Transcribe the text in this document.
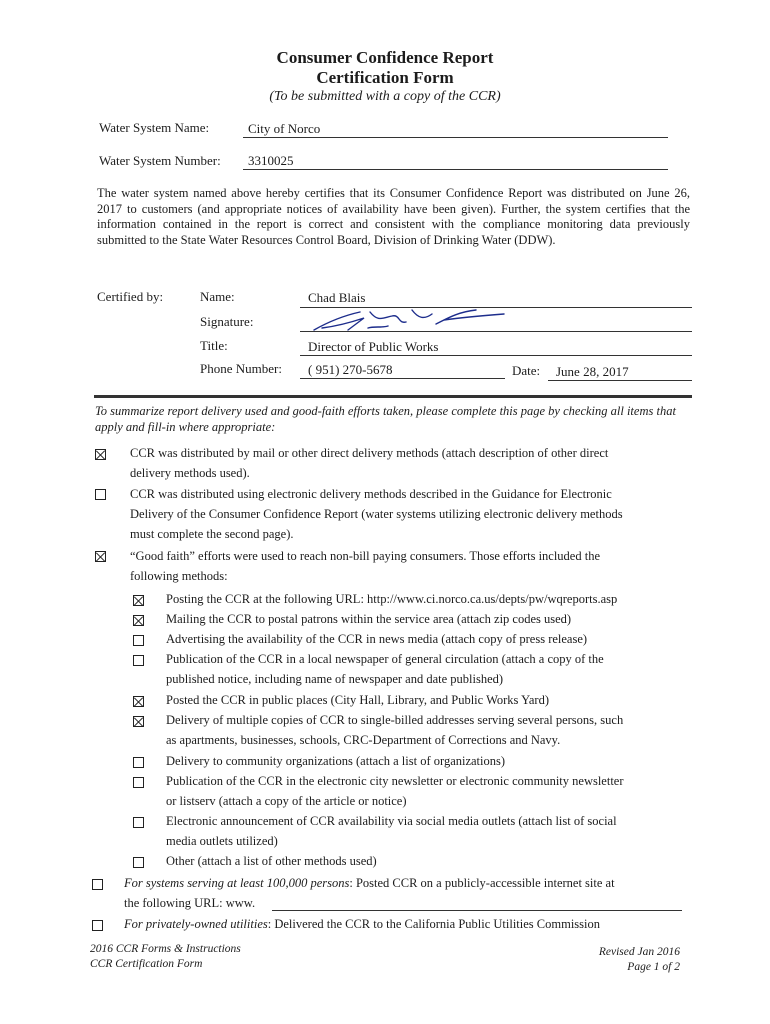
Consumer Confidence Report
Certification Form
(To be submitted with a copy of the CCR)
Water System Name:	City of Norco
Water System Number: 3310025
The water system named above hereby certifies that its Consumer Confidence Report was distributed on June 26, 2017 to customers (and appropriate notices of availability have been given). Further, the system certifies that the information contained in the report is correct and consistent with the compliance monitoring data previously submitted to the State Water Resources Control Board, Division of Drinking Water (DDW).
Certified by:	Name:	Chad Blais
Signature:
Title:	Director of Public Works
Phone Number: ( 951) 270-5678	Date: June 28, 2017
To summarize report delivery used and good-faith efforts taken, please complete this page by checking all items that apply and fill-in where appropriate:
CCR was distributed by mail or other direct delivery methods (attach description of other direct
delivery methods used).
CCR was distributed using electronic delivery methods described in the Guidance for Electronic
Delivery of the Consumer Confidence Report (water systems utilizing electronic delivery methods
must complete the second page).
“Good faith” efforts were used to reach non-bill paying consumers. Those efforts included the
following methods:
Posting the CCR at the following URL: http://www.ci.norco.ca.us/depts/pw/wqreports.asp
Mailing the CCR to postal patrons within the service area (attach zip codes used)
Advertising the availability of the CCR in news media (attach copy of press release)
Publication of the CCR in a local newspaper of general circulation (attach a copy of the
published notice, including name of newspaper and date published)
Posted the CCR in public places (City Hall, Library, and Public Works Yard)
Delivery of multiple copies of CCR to single-billed addresses serving several persons, such
as apartments, businesses, schools, CRC-Department of Corrections and Navy.
Delivery to community organizations (attach a list of organizations)
Publication of the CCR in the electronic city newsletter or electronic community newsletter
or listserv (attach a copy of the article or notice)
Electronic announcement of CCR availability via social media outlets (attach list of social
media outlets utilized)
Other (attach a list of other methods used)
For systems serving at least 100,000 persons: Posted CCR on a publicly-accessible internet site at
the following URL: www.
For privately-owned utilities: Delivered the CCR to the California Public Utilities Commission
2016 CCR Forms & Instructions
CCR Certification Form
Revised Jan 2016
Page 1 of 2
